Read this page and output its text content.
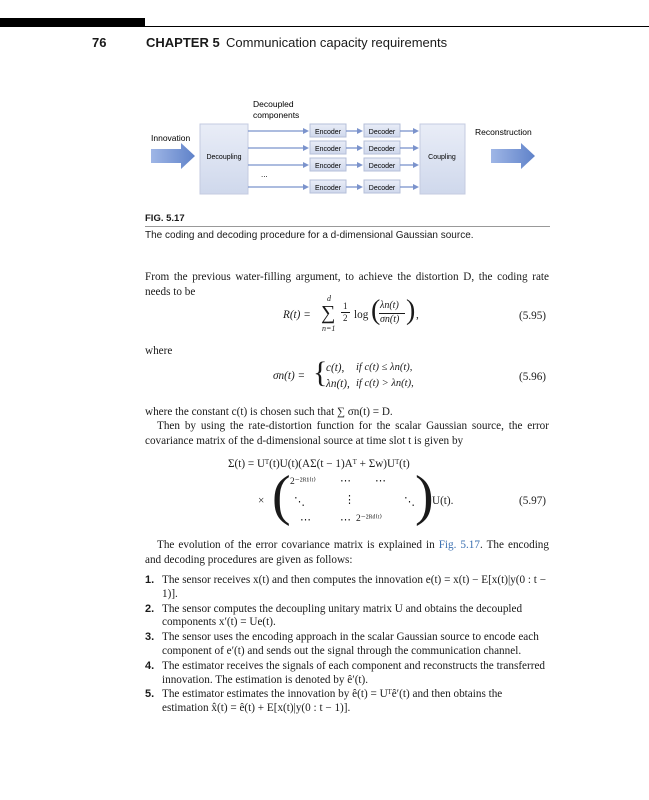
76	CHAPTER 5 Communication capacity requirements
Decoupled
components
Innovation
Reconstruction
Decoupling	Coupling
Encoder	Decoder
Encoder	Decoder
Encoder	Decoder
...
Encoder	Decoder
FIG. 5.17
The coding and decoding procedure for a d-dimensional Gaussian source.
From the previous water-filling argument, to achieve the distortion D, the coding rate needs to be
R(t) =
d
∑
n=1
1
2 log ( λn(t)
σn(t) ) ,	(5.95)
where
σn(t) = {
c(t), if c(t) ≤ λn(t),
λn(t), if c(t) > λn(t),
(5.96)
where the constant c(t) is chosen such that ∑ σn(t) = D.
Then by using the rate-distortion function for the scalar Gaussian source, the error covariance matrix of the d-dimensional source at time slot t is given by
Σ(t) = Uᵀ(t)U(t)(AΣ(t − 1)Aᵀ + Σw)Uᵀ(t)
× ( 2⁻²ᴿ¹⁽ᵗ⁾ ⋯ ⋯
⋱	⋮	⋱
⋯	⋯ 2⁻²ᴿᵈ⁽ᵗ⁾ )
U(t).	(5.97)
The evolution of the error covariance matrix is explained in Fig. 5.17. The encoding and decoding procedures are given as follows:
1. The sensor receives x(t) and then computes the innovation e(t) = x(t) − E[x(t)|y(0 : t − 1)].
2. The sensor computes the decoupling unitary matrix U and obtains the decoupled components x′(t) = Ue(t).
3. The sensor uses the encoding approach in the scalar Gaussian source to encode each component of e′(t) and sends out the signal through the communication channel.
4. The estimator receives the signals of each component and reconstructs the transferred innovation. The estimation is denoted by ê′(t).
5. The estimator estimates the innovation by ê(t) = Uᵀê′(t) and then obtains the estimation x̂(t) = ê(t) + E[x(t)|y(0 : t − 1)].
